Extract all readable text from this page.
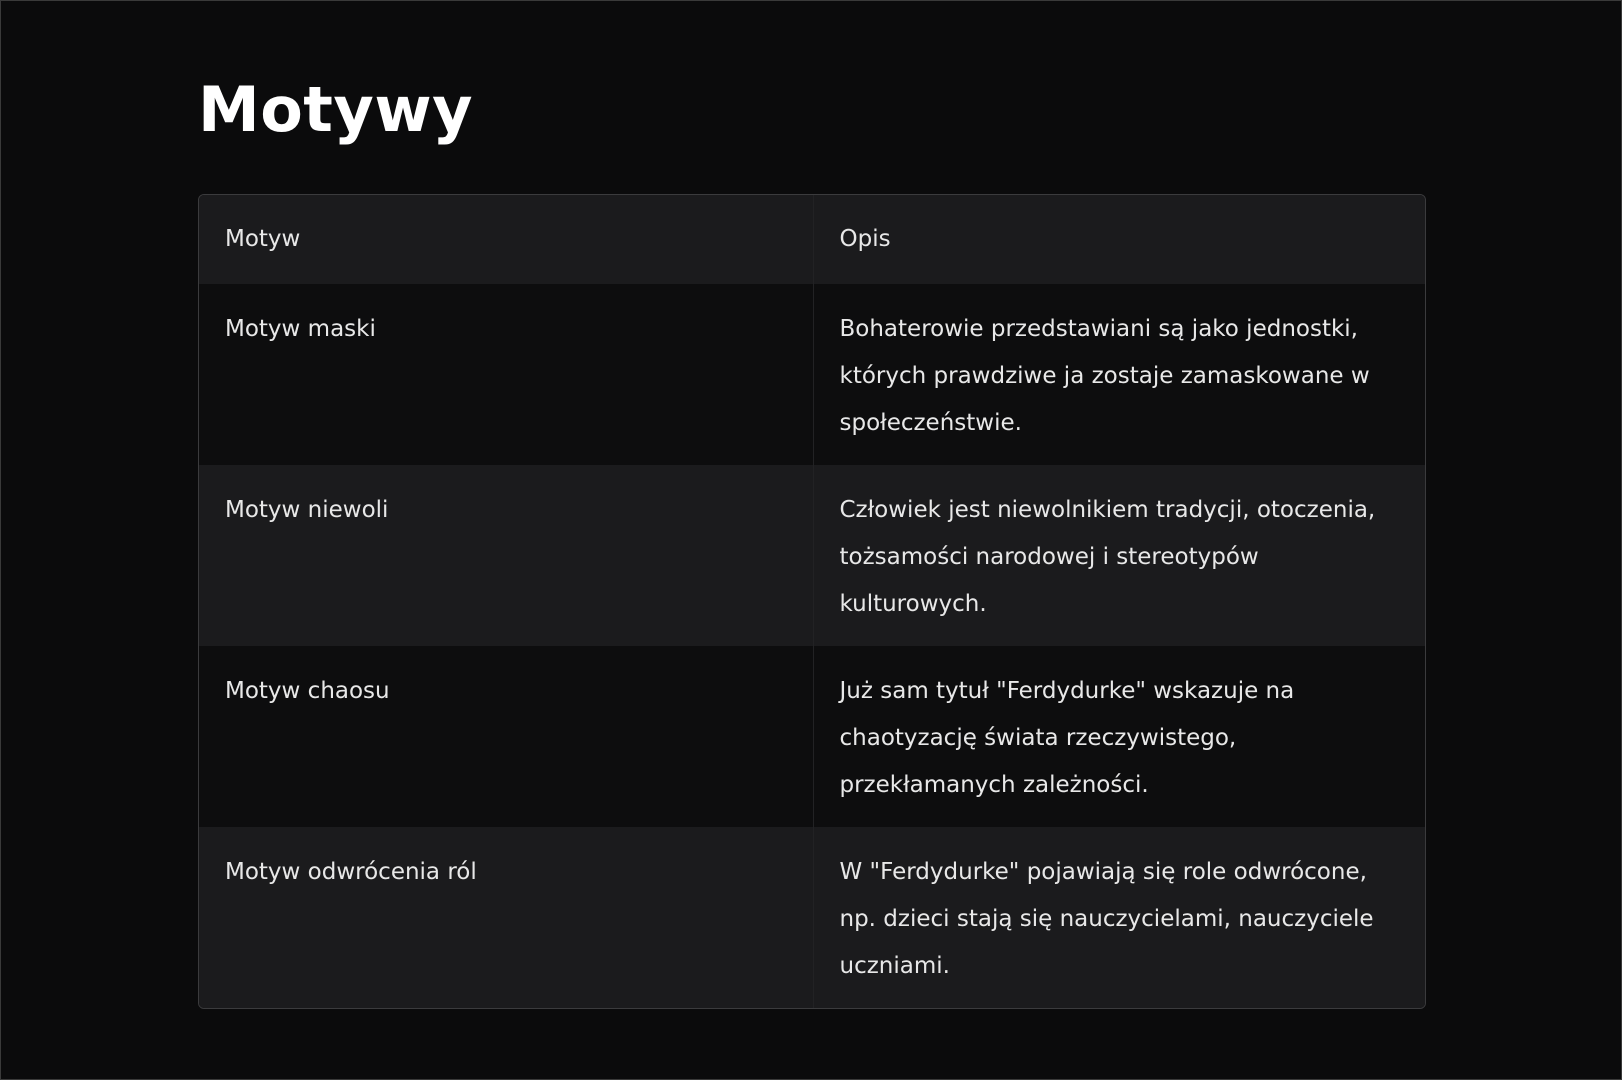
Motywy
Motyw	Opis
Motyw maski	Bohaterowie przedstawiani są jako jednostki, których prawdziwe ja zostaje zamaskowane w społeczeństwie.

Motyw niewoli	Człowiek jest niewolnikiem tradycji, otoczenia, tożsamości narodowej i stereotypów kulturowych.

Motyw chaosu	Już sam tytuł "Ferdydurke" wskazuje na chaotyzację świata rzeczywistego, przekłamanych zależności.

Motyw odwrócenia ról	W "Ferdydurke" pojawiają się role odwrócone, np. dzieci stają się nauczycielami, nauczyciele uczniami.
